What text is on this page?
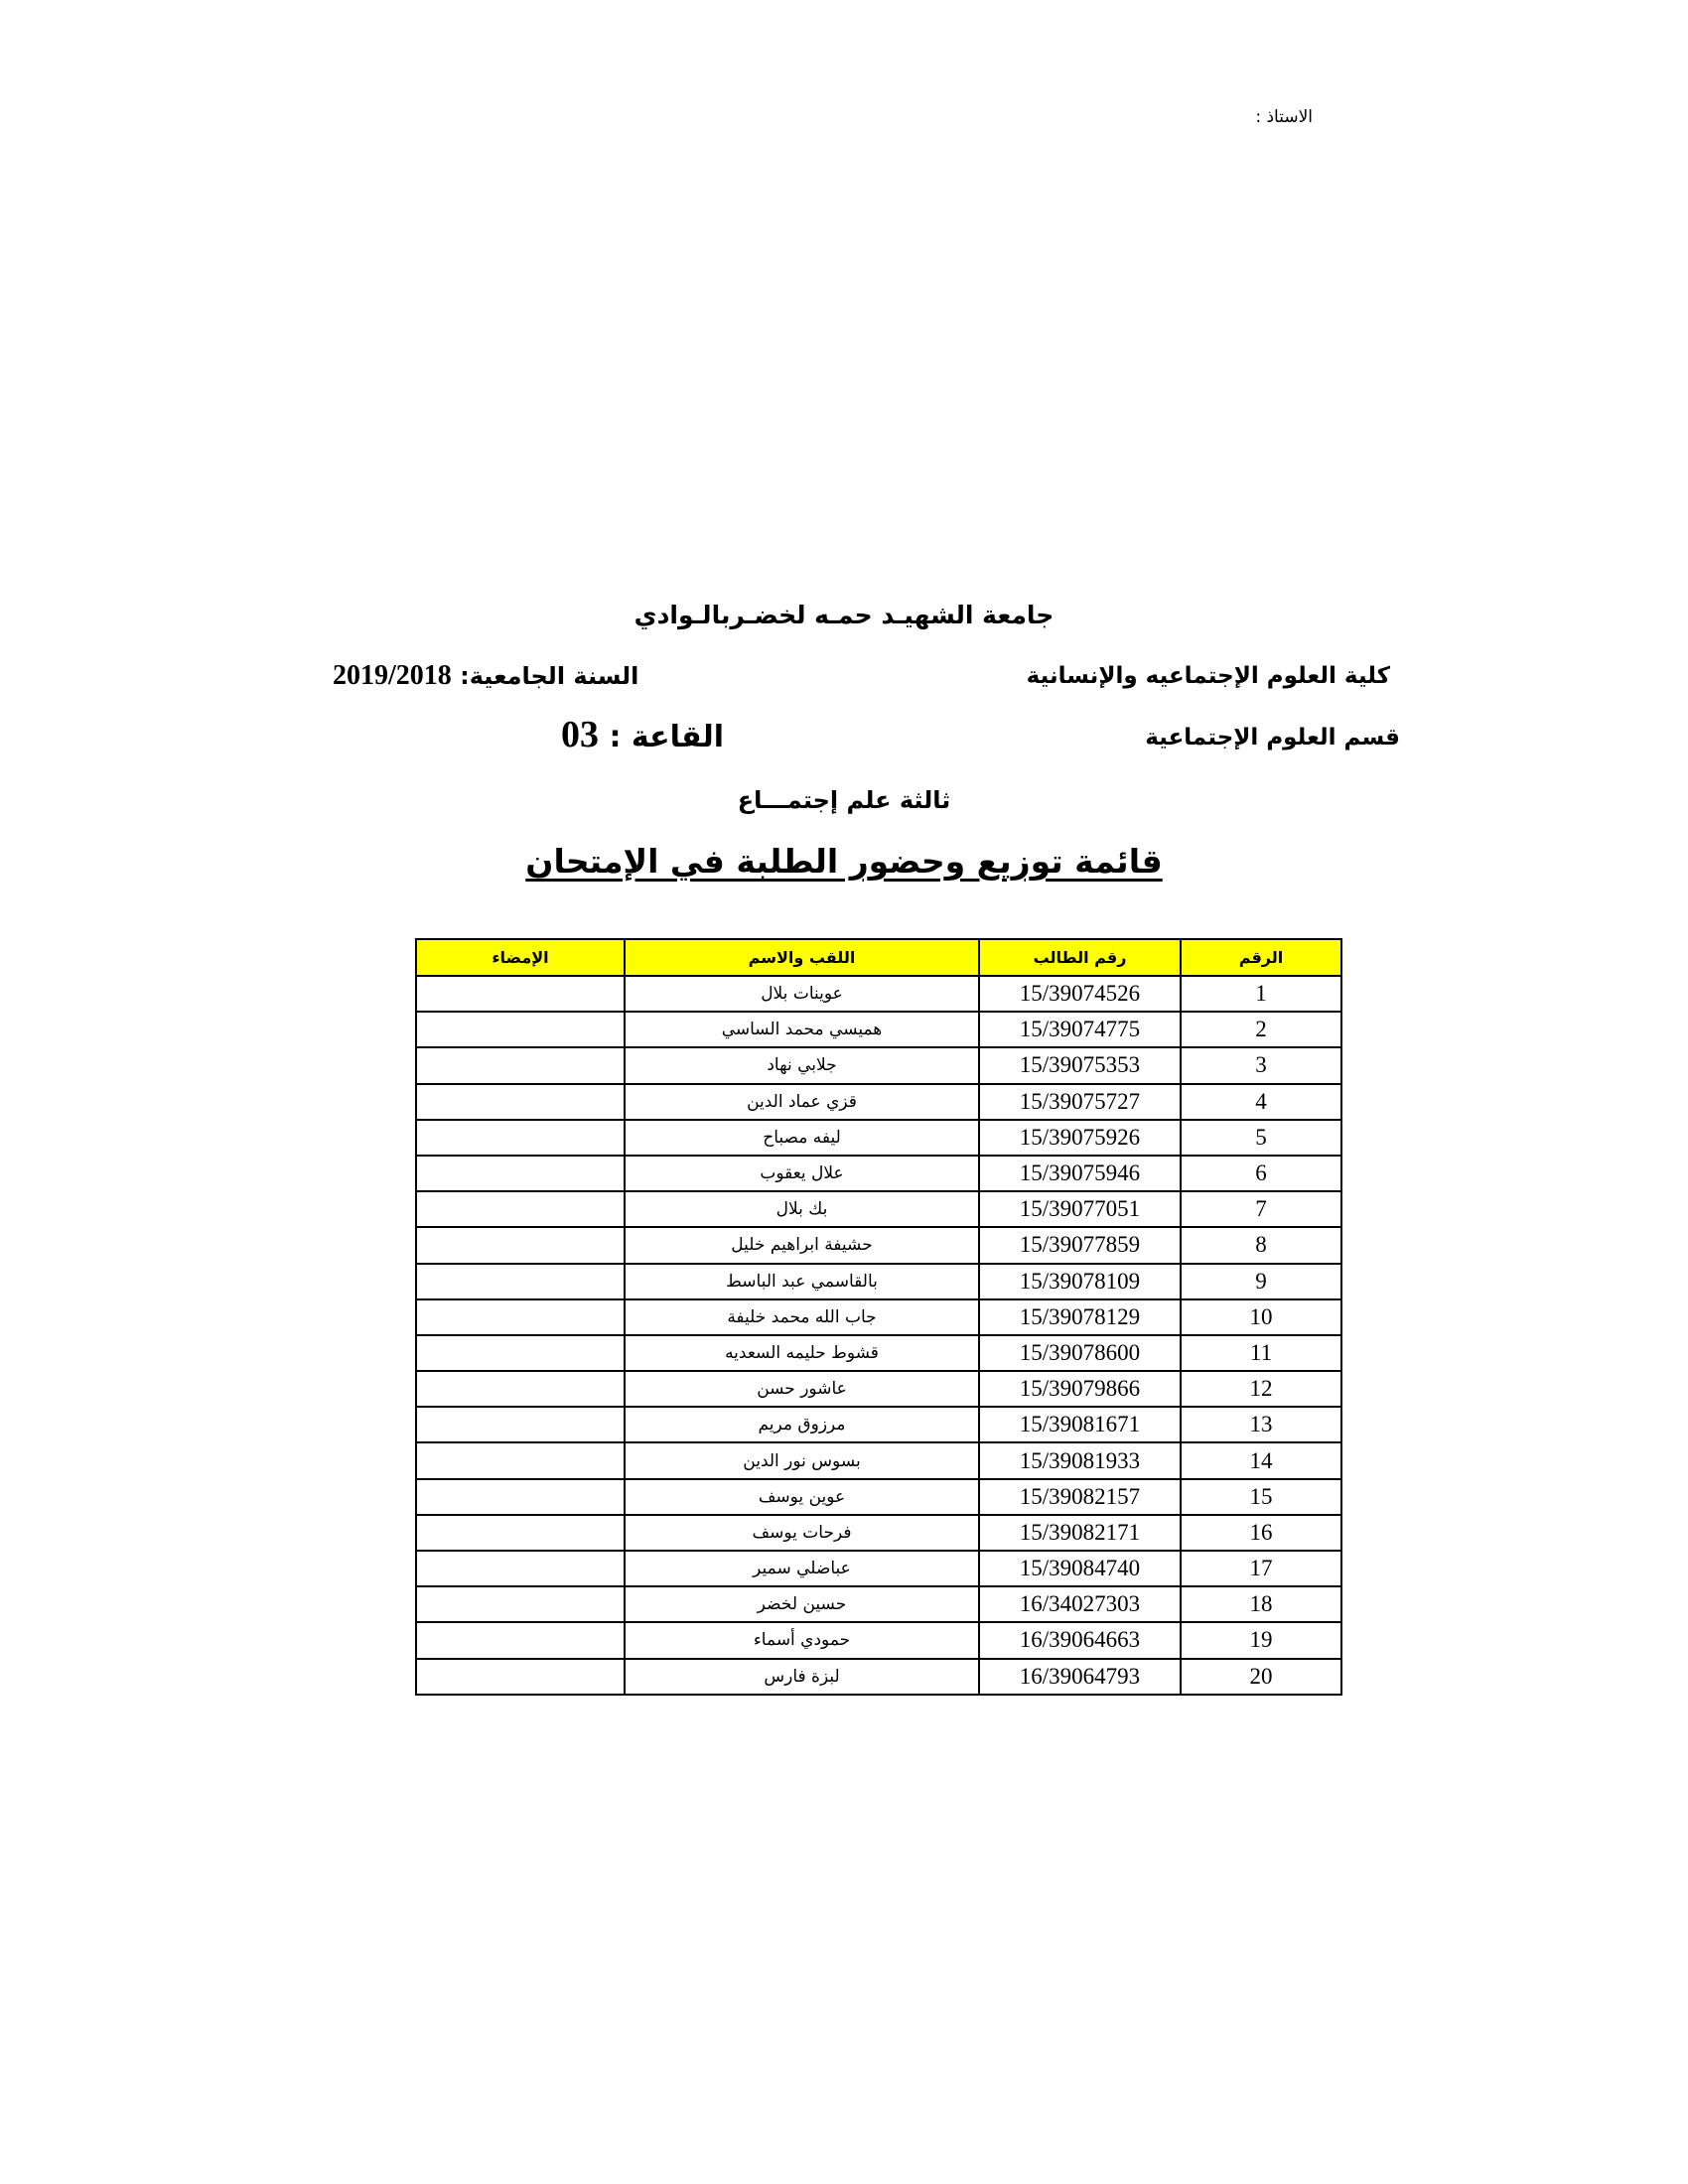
الاستاذ :
جامعة الشهيـد حمـه لخضـربالـوادي
كلية العلوم الإجتماعيه والإنسانية
السنة الجامعية: 2019/2018
قسم العلوم الإجتماعية
القاعة : 03
ثالثة علم إجتمـــاع
قائمة توزيع وحضور الطلبة في الإمتحان
الرقم	رقم الطالب	اللقب والاسم	الإمضاء
1	15/39074526	عوينات بلال	
2	15/39074775	هميسي محمد الساسي	
3	15/39075353	جلابي نهاد	
4	15/39075727	قزي عماد الدين	
5	15/39075926	ليفه مصباح	
6	15/39075946	علال يعقوب	
7	15/39077051	بك بلال	
8	15/39077859	حشيفة ابراهيم خليل	
9	15/39078109	بالقاسمي عبد الباسط	
10	15/39078129	جاب الله محمد خليفة	
11	15/39078600	قشوط حليمه السعديه	
12	15/39079866	عاشور حسن	
13	15/39081671	مرزوق مريم	
14	15/39081933	بسوس نور الدين	
15	15/39082157	عوين يوسف	
16	15/39082171	فرحات يوسف	
17	15/39084740	عباضلي سمير	
18	16/34027303	حسين لخضر	
19	16/39064663	حمودي أسماء	
20	16/39064793	لبزة فارس	
